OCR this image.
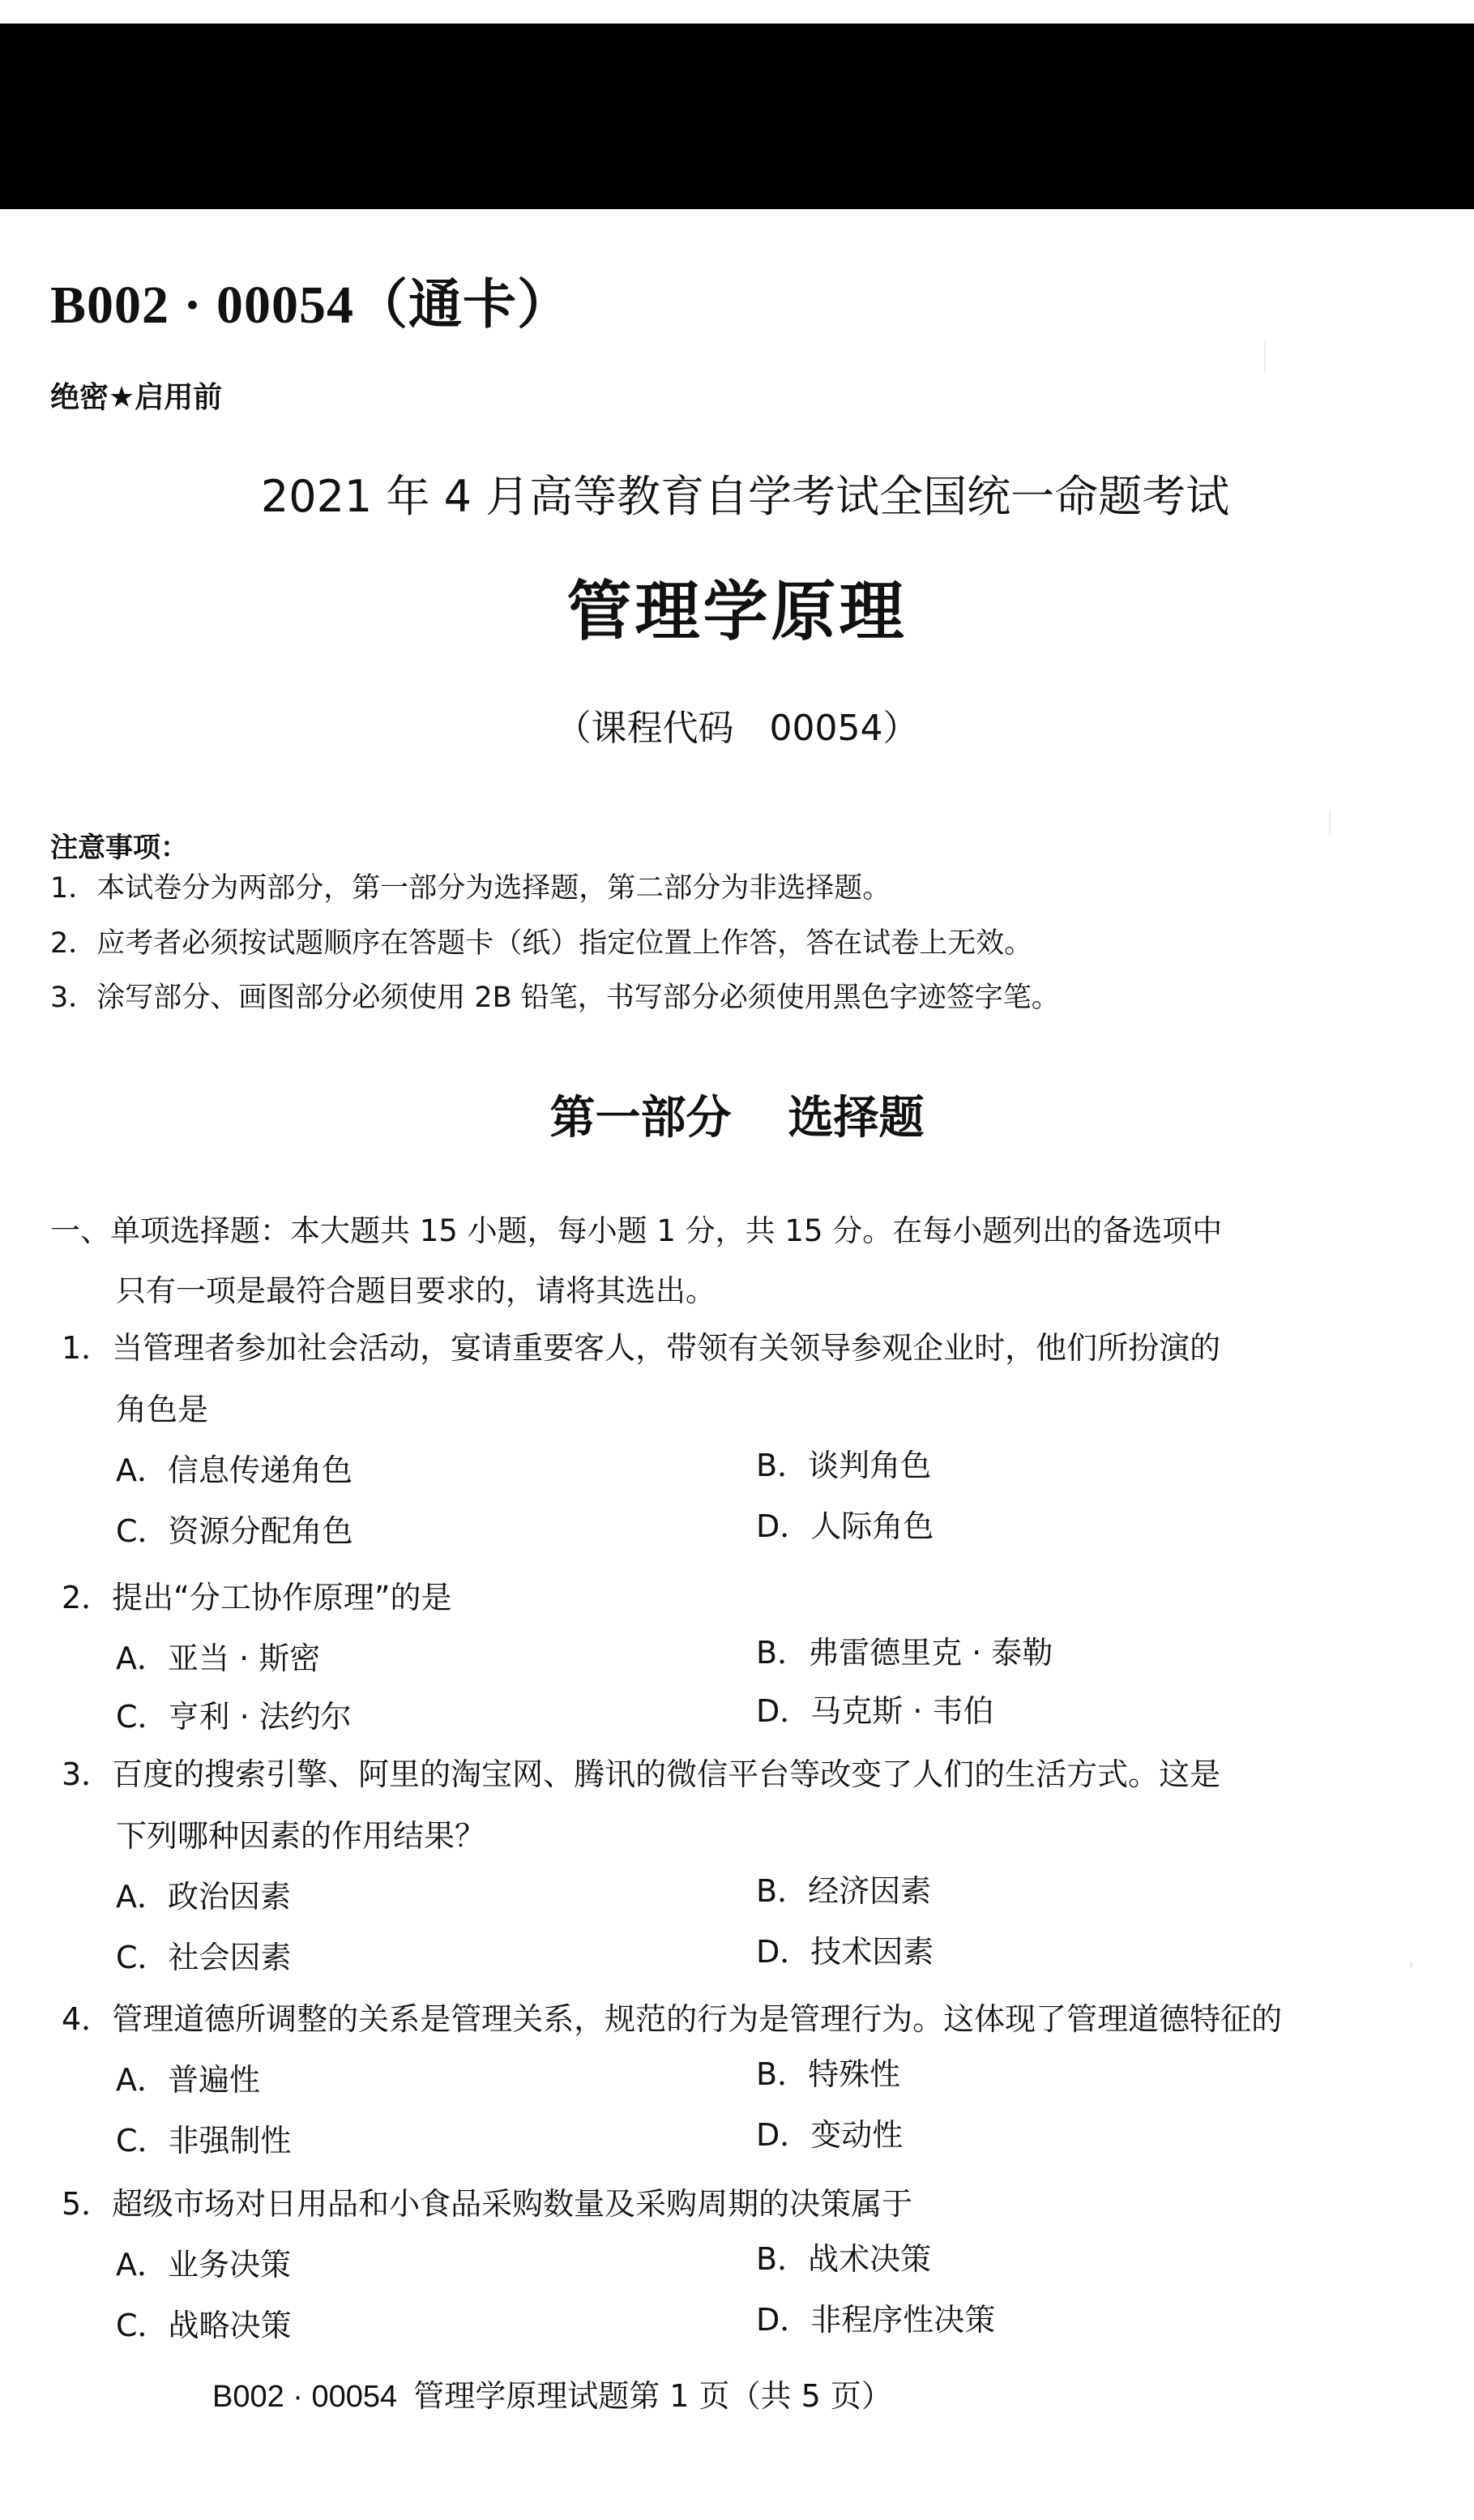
B002 · 00054（通卡）
绝密★启用前
2021 年 4 月高等教育自学考试全国统一命题考试
管理学原理
（课程代码　00054）
注意事项：
1．本试卷分为两部分，第一部分为选择题，第二部分为非选择题。
2．应考者必须按试题顺序在答题卡（纸）指定位置上作答，答在试卷上无效。
3．涂写部分、画图部分必须使用 2B 铅笔，书写部分必须使用黑色字迹签字笔。
第一部分 选择题
一、单项选择题：本大题共 15 小题，每小题 1 分，共 15 分。在每小题列出的备选项中
只有一项是最符合题目要求的，请将其选出。
1．当管理者参加社会活动，宴请重要客人，带领有关领导参观企业时，他们所扮演的
角色是
A．信息传递角色	B．谈判角色
C．资源分配角色	D．人际角色
2．提出“分工协作原理”的是
A．亚当 · 斯密	B．弗雷德里克 · 泰勒
C．亨利 · 法约尔	D．马克斯 · 韦伯
3．百度的搜索引擎、阿里的淘宝网、腾讯的微信平台等改变了人们的生活方式。这是
下列哪种因素的作用结果？
A．政治因素	B．经济因素
C．社会因素	D．技术因素
4．管理道德所调整的关系是管理关系，规范的行为是管理行为。这体现了管理道德特征的
A．普遍性	B．特殊性
C．非强制性	D．变动性
5．超级市场对日用品和小食品采购数量及采购周期的决策属于
A．业务决策	B．战术决策
C．战略决策	D．非程序性决策
B002 · 00054 管理学原理试题第 1 页（共 5 页）
